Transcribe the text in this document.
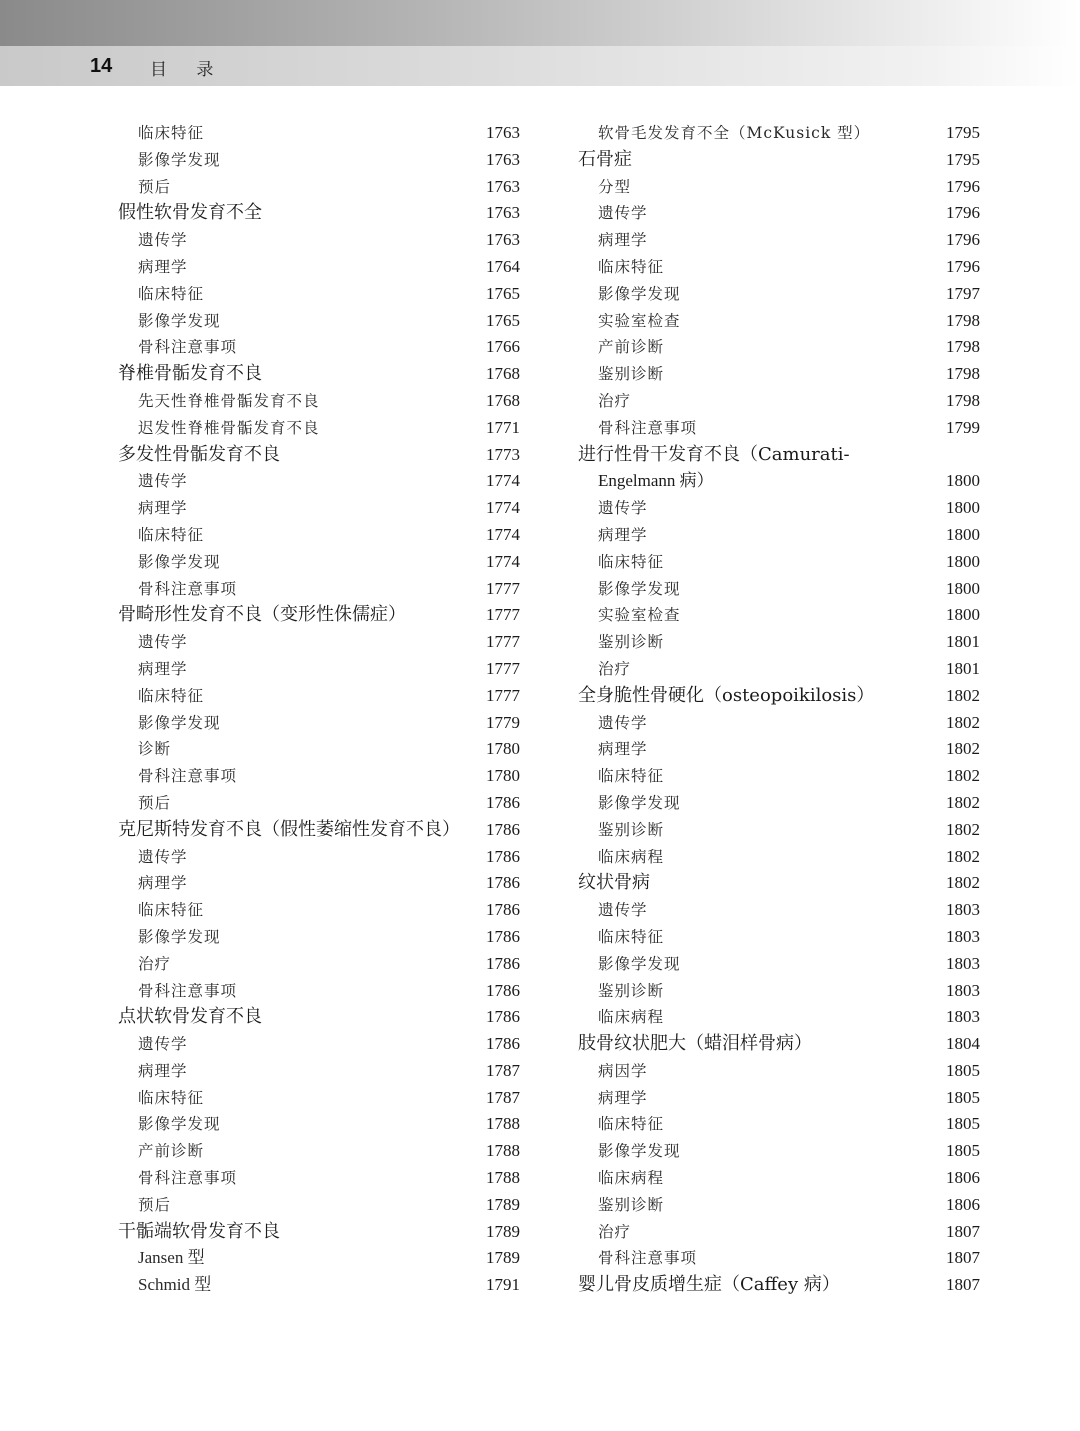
14 目 录
临床特征	1763
影像学发现	1763
预后	1763
假性软骨发育不全	1763
遗传学	1763
病理学	1764
临床特征	1765
影像学发现	1765
骨科注意事项	1766
脊椎骨骺发育不良	1768
先天性脊椎骨骺发育不良	1768
迟发性脊椎骨骺发育不良	1771
多发性骨骺发育不良	1773
遗传学	1774
病理学	1774
临床特征	1774
影像学发现	1774
骨科注意事项	1777
骨畸形性发育不良（变形性侏儒症）	1777
遗传学	1777
病理学	1777
临床特征	1777
影像学发现	1779
诊断	1780
骨科注意事项	1780
预后	1786
克尼斯特发育不良（假性萎缩性发育不良） 1786
遗传学	1786
病理学	1786
临床特征	1786
影像学发现	1786
治疗	1786
骨科注意事项	1786
点状软骨发育不良	1786
遗传学	1786
病理学	1787
临床特征	1787
影像学发现	1788
产前诊断	1788
骨科注意事项	1788
预后	1789
干骺端软骨发育不良	1789
Jansen 型	1789
Schmid 型	1791
软骨毛发发育不全（McKusick 型）	1795
石骨症	1795
分型	1796
遗传学	1796
病理学	1796
临床特征	1796
影像学发现	1797
实验室检查	1798
产前诊断	1798
鉴别诊断	1798
治疗	1798
骨科注意事项	1799
进行性骨干发育不良（Camurati-
Engelmann 病）	1800
遗传学	1800
病理学	1800
临床特征	1800
影像学发现	1800
实验室检查	1800
鉴别诊断	1801
治疗	1801
全身脆性骨硬化（osteopoikilosis）	1802
遗传学	1802
病理学	1802
临床特征	1802
影像学发现	1802
鉴别诊断	1802
临床病程	1802
纹状骨病	1802
遗传学	1803
临床特征	1803
影像学发现	1803
鉴别诊断	1803
临床病程	1803
肢骨纹状肥大（蜡泪样骨病）	1804
病因学	1805
病理学	1805
临床特征	1805
影像学发现	1805
临床病程	1806
鉴别诊断	1806
治疗	1807
骨科注意事项	1807
婴儿骨皮质增生症（Caffey 病）	1807
